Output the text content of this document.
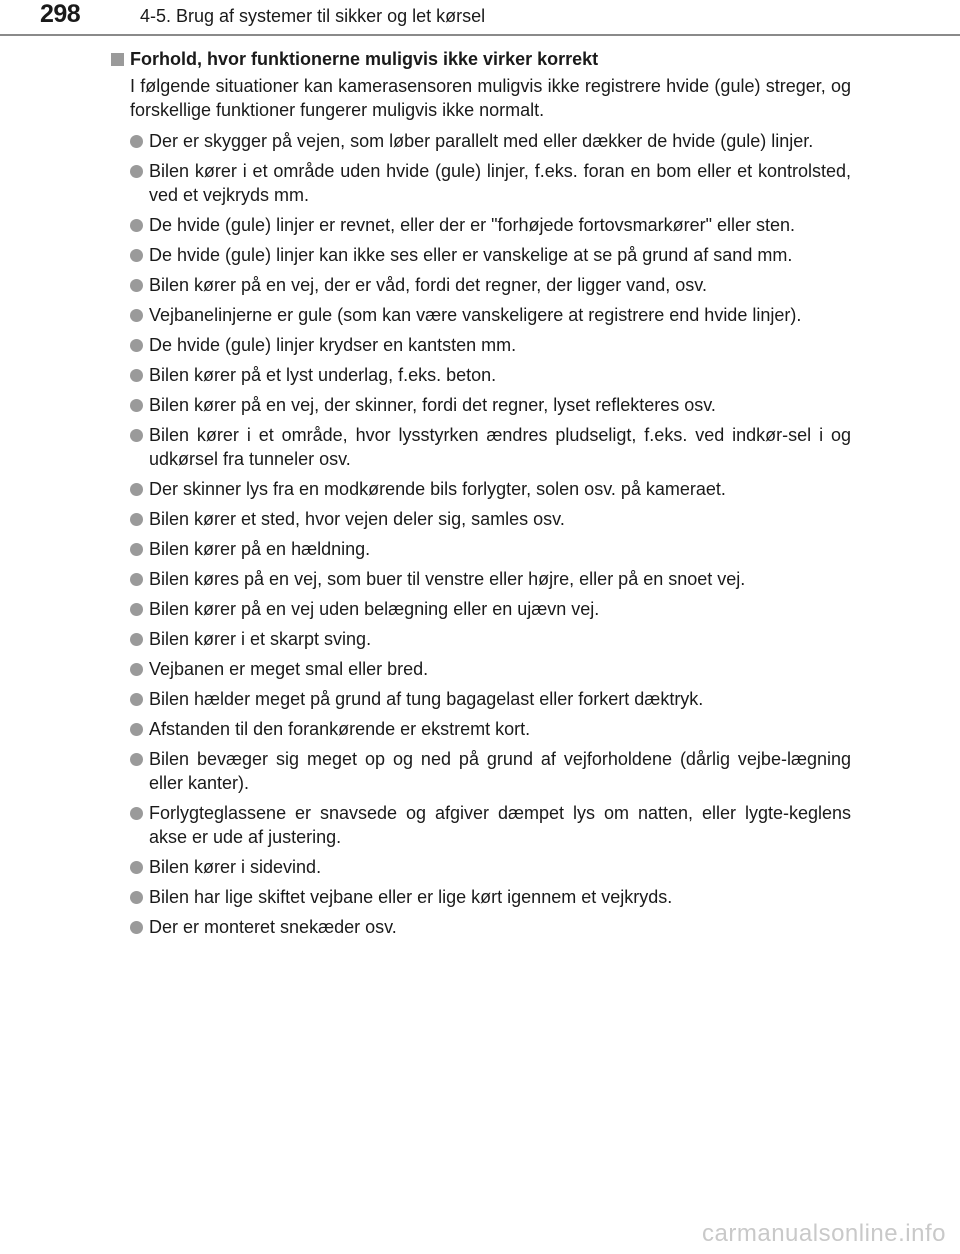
298	4-5. Brug af systemer til sikker og let kørsel
Forhold, hvor funktionerne muligvis ikke virker korrekt

I følgende situationer kan kamerasensoren muligvis ikke registrere hvide (gule) streger, og forskellige funktioner fungerer muligvis ikke normalt.

Der er skygger på vejen, som løber parallelt med eller dækker de hvide (gule) linjer.
Bilen kører i et område uden hvide (gule) linjer, f.eks. foran en bom eller et kontrolsted, ved et vejkryds mm.
De hvide (gule) linjer er revnet, eller der er "forhøjede fortovsmarkører" eller sten.
De hvide (gule) linjer kan ikke ses eller er vanskelige at se på grund af sand mm.
Bilen kører på en vej, der er våd, fordi det regner, der ligger vand, osv.
Vejbanelinjerne er gule (som kan være vanskeligere at registrere end hvide linjer).
De hvide (gule) linjer krydser en kantsten mm.
Bilen kører på et lyst underlag, f.eks. beton.
Bilen kører på en vej, der skinner, fordi det regner, lyset reflekteres osv.
Bilen kører i et område, hvor lysstyrken ændres pludseligt, f.eks. ved indkør-sel i og udkørsel fra tunneler osv.
Der skinner lys fra en modkørende bils forlygter, solen osv. på kameraet.
Bilen kører et sted, hvor vejen deler sig, samles osv.
Bilen kører på en hældning.
Bilen køres på en vej, som buer til venstre eller højre, eller på en snoet vej.
Bilen kører på en vej uden belægning eller en ujævn vej.
Bilen kører i et skarpt sving.
Vejbanen er meget smal eller bred.
Bilen hælder meget på grund af tung bagagelast eller forkert dæktryk.
Afstanden til den forankørende er ekstremt kort.
Bilen bevæger sig meget op og ned på grund af vejforholdene (dårlig vejbe-lægning eller kanter).
Forlygteglassene er snavsede og afgiver dæmpet lys om natten, eller lygte-keglens akse er ude af justering.
Bilen kører i sidevind.
Bilen har lige skiftet vejbane eller er lige kørt igennem et vejkryds.
Der er monteret snekæder osv.
carmanualsonline.info
